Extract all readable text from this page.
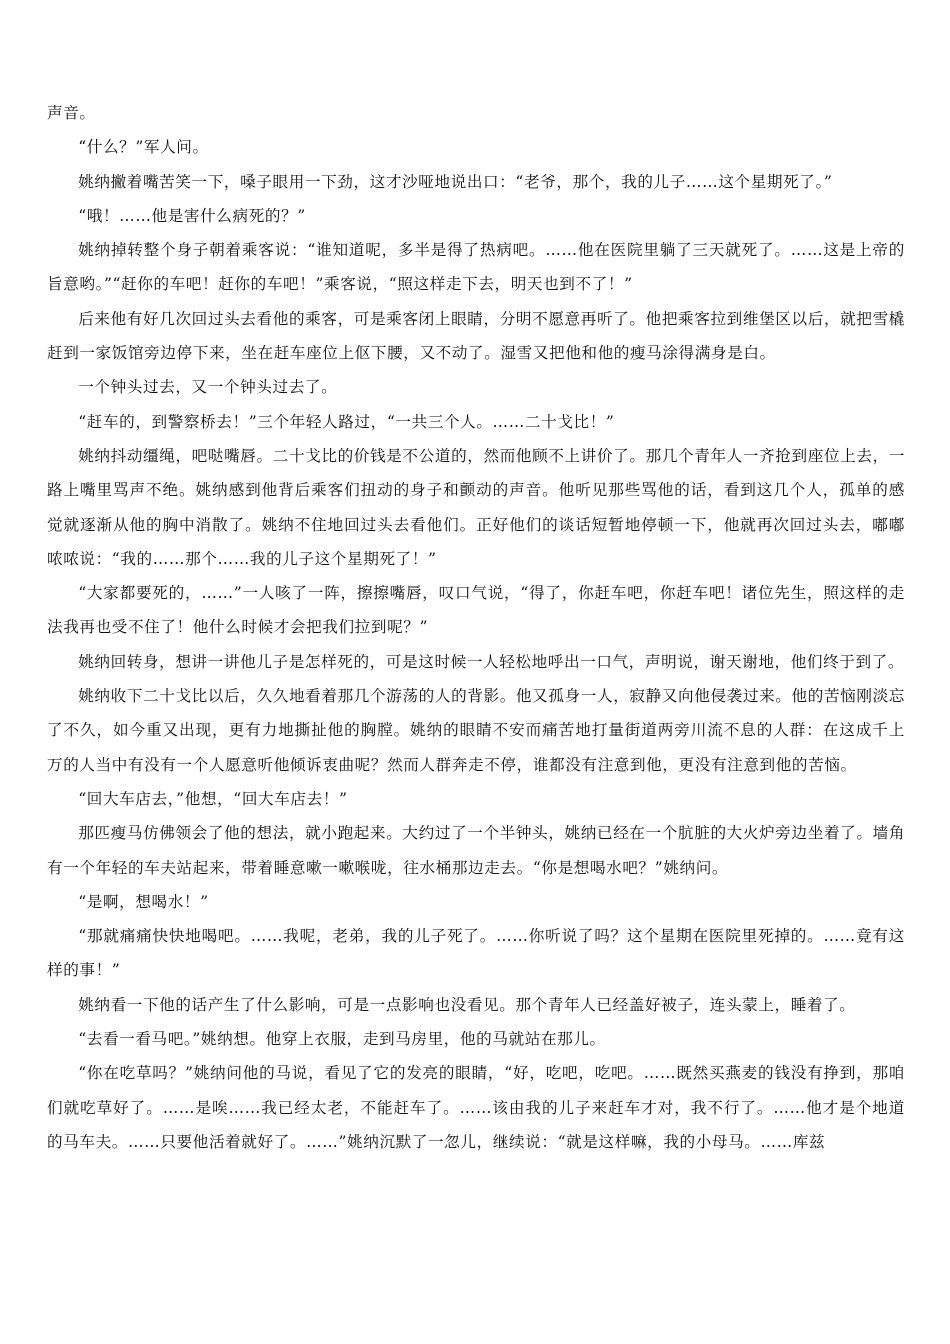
声音。

“什么？”军人问。

姚纳撇着嘴苦笑一下，嗓子眼用一下劲，这才沙哑地说出口：“老爷，那个，我的儿子……这个星期死了。”

“哦！……他是害什么病死的？”

姚纳掉转整个身子朝着乘客说：“谁知道呢，多半是得了热病吧。……他在医院里躺了三天就死了。……这是上帝的旨意哟。”“赶你的车吧！赶你的车吧！”乘客说，“照这样走下去，明天也到不了！”

后来他有好几次回过头去看他的乘客，可是乘客闭上眼睛，分明不愿意再听了。他把乘客拉到维堡区以后，就把雪橇赶到一家饭馆旁边停下来，坐在赶车座位上伛下腰，又不动了。湿雪又把他和他的瘦马涂得满身是白。

一个钟头过去，又一个钟头过去了。

“赶车的，到警察桥去！”三个年轻人路过，“一共三个人。……二十戈比！”

姚纳抖动缰绳，吧哒嘴唇。二十戈比的价钱是不公道的，然而他顾不上讲价了。那几个青年人一齐抢到座位上去，一路上嘴里骂声不绝。姚纳感到他背后乘客们扭动的身子和颤动的声音。他听见那些骂他的话，看到这几个人，孤单的感觉就逐渐从他的胸中消散了。姚纳不住地回过头去看他们。正好他们的谈话短暂地停顿一下，他就再次回过头去，嘟嘟哝哝说：“我的……那个……我的儿子这个星期死了！”

“大家都要死的，……”一人咳了一阵，擦擦嘴唇，叹口气说，“得了，你赶车吧，你赶车吧！诸位先生，照这样的走法我再也受不住了！他什么时候才会把我们拉到呢？”

姚纳回转身，想讲一讲他儿子是怎样死的，可是这时候一人轻松地呼出一口气，声明说，谢天谢地，他们终于到了。

姚纳收下二十戈比以后，久久地看着那几个游荡的人的背影。他又孤身一人，寂静又向他侵袭过来。他的苦恼刚淡忘了不久，如今重又出现，更有力地撕扯他的胸膛。姚纳的眼睛不安而痛苦地打量街道两旁川流不息的人群：在这成千上万的人当中有没有一个人愿意听他倾诉衷曲呢？然而人群奔走不停，谁都没有注意到他，更没有注意到他的苦恼。

“回大车店去，”他想，“回大车店去！”

那匹瘦马仿佛领会了他的想法，就小跑起来。大约过了一个半钟头，姚纳已经在一个肮脏的大火炉旁边坐着了。墙角有一个年轻的车夫站起来，带着睡意嗽一嗽喉咙，往水桶那边走去。“你是想喝水吧？”姚纳问。

“是啊，想喝水！”

“那就痛痛快快地喝吧。……我呢，老弟，我的儿子死了。……你听说了吗？这个星期在医院里死掉的。……竟有这样的事！”

姚纳看一下他的话产生了什么影响，可是一点影响也没看见。那个青年人已经盖好被子，连头蒙上，睡着了。

“去看一看马吧。”姚纳想。他穿上衣服，走到马房里，他的马就站在那儿。

“你在吃草吗？”姚纳问他的马说，看见了它的发亮的眼睛，“好，吃吧，吃吧。……既然买燕麦的钱没有挣到，那咱们就吃草好了。……是唉……我已经太老，不能赶车了。……该由我的儿子来赶车才对，我不行了。……他才是个地道的马车夫。……只要他活着就好了。……”姚纳沉默了一忽儿，继续说：“就是这样嘛，我的小母马。……库兹
